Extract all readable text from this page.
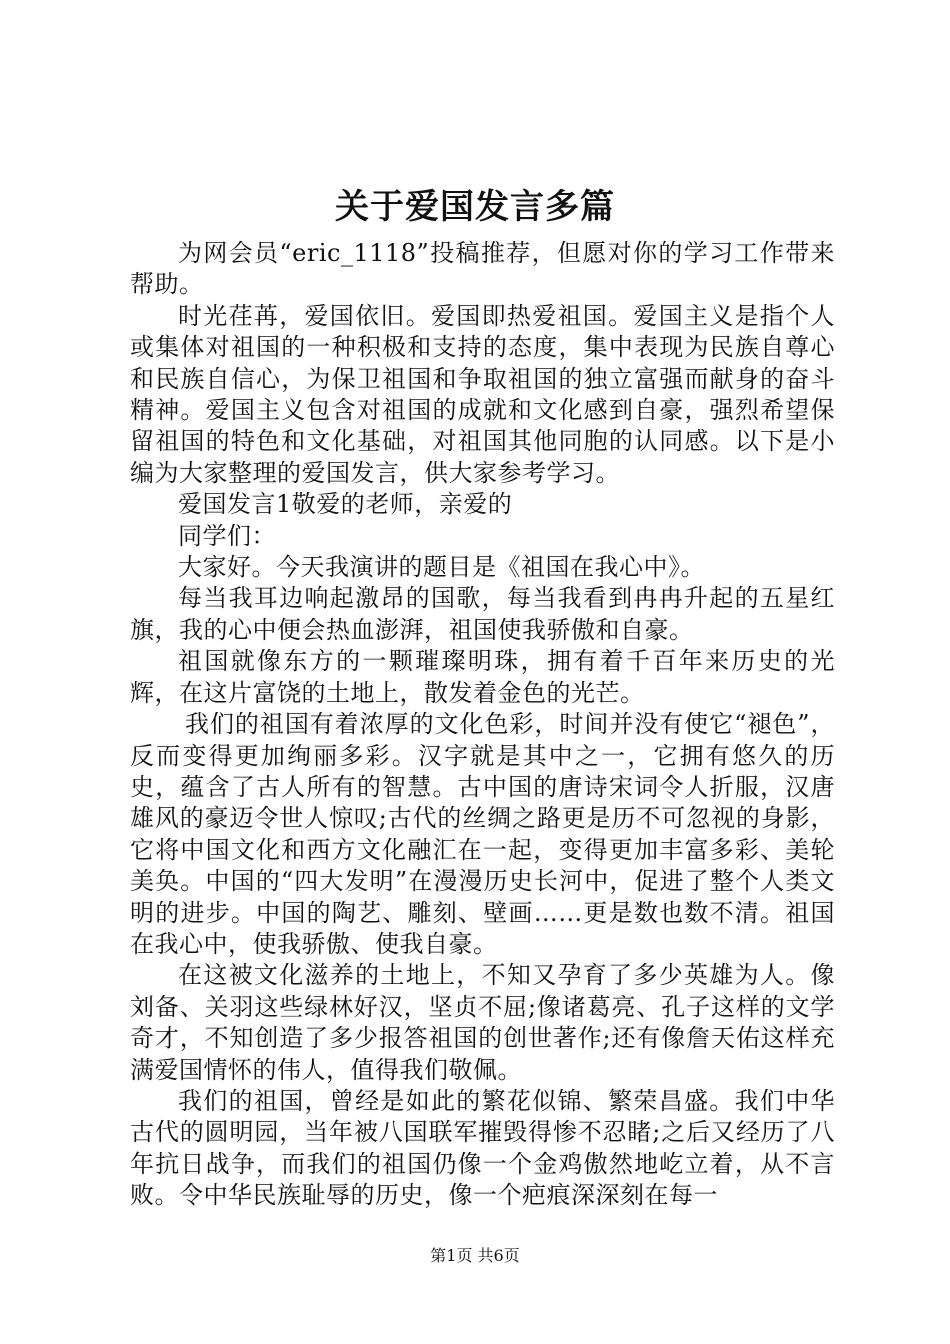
关于爱国发言多篇

为网会员“eric_1118”投稿推荐，但愿对你的学习工作带来帮助。

时光荏苒，爱国依旧。爱国即热爱祖国。爱国主义是指个人或集体对祖国的一种积极和支持的态度，集中表现为民族自尊心和民族自信心，为保卫祖国和争取祖国的独立富强而献身的奋斗精神。爱国主义包含对祖国的成就和文化感到自豪，强烈希望保留祖国的特色和文化基础，对祖国其他同胞的认同感。以下是小编为大家整理的爱国发言，供大家参考学习。

爱国发言1敬爱的老师，亲爱的

同学们：

大家好。今天我演讲的题目是《祖国在我心中》。

每当我耳边响起激昂的国歌，每当我看到冉冉升起的五星红旗，我的心中便会热血澎湃，祖国使我骄傲和自豪。

祖国就像东方的一颗璀璨明珠，拥有着千百年来历史的光辉，在这片富饶的土地上，散发着金色的光芒。

我们的祖国有着浓厚的文化色彩，时间并没有使它“褪色”，反而变得更加绚丽多彩。汉字就是其中之一，它拥有悠久的历史，蕴含了古人所有的智慧。古中国的唐诗宋词令人折服，汉唐雄风的豪迈令世人惊叹;古代的丝绸之路更是历不可忽视的身影，它将中国文化和西方文化融汇在一起，变得更加丰富多彩、美轮美奂。中国的“四大发明”在漫漫历史长河中，促进了整个人类文明的进步。中国的陶艺、雕刻、壁画……更是数也数不清。祖国在我心中，使我骄傲、使我自豪。

在这被文化滋养的土地上，不知又孕育了多少英雄为人。像刘备、关羽这些绿林好汉，坚贞不屈;像诸葛亮、孔子这样的文学奇才，不知创造了多少报答祖国的创世著作;还有像詹天佑这样充满爱国情怀的伟人，值得我们敬佩。

我们的祖国，曾经是如此的繁花似锦、繁荣昌盛。我们中华古代的圆明园，当年被八国联军摧毁得惨不忍睹;之后又经历了八年抗日战争，而我们的祖国仍像一个金鸡傲然地屹立着，从不言败。令中华民族耻辱的历史，像一个疤痕深深刻在每一

第1页 共6页
